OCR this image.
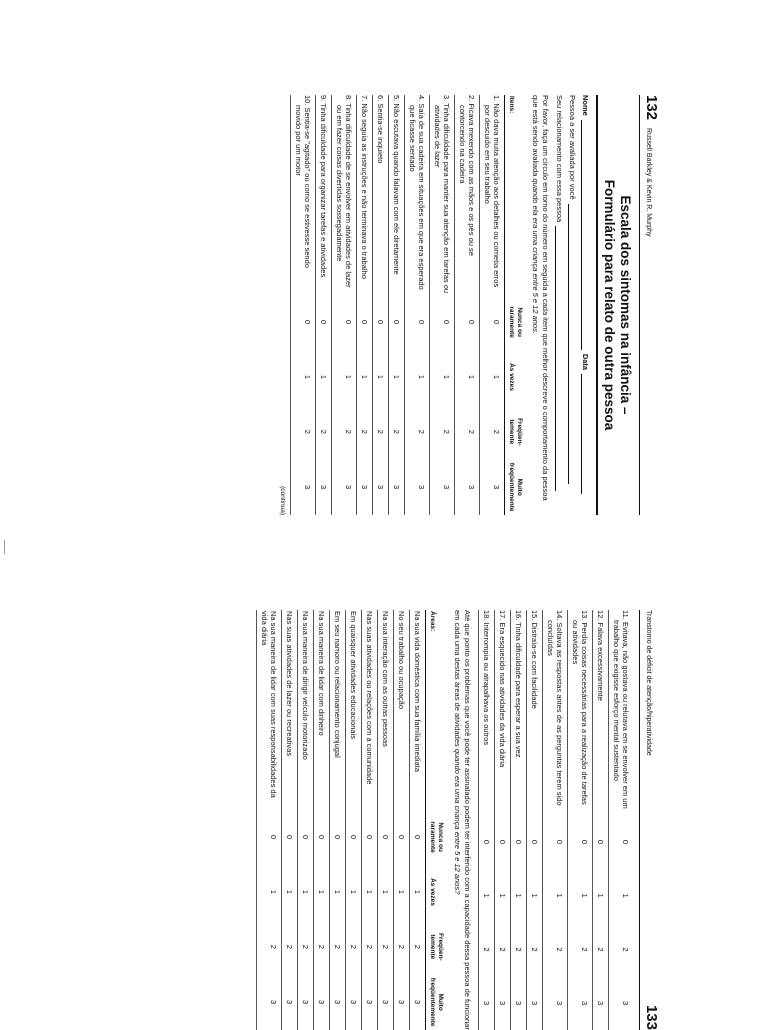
132
Russell Barkley & Kevin R. Murphy
Escala dos sintomas na infância –
Formulário para relato de outra pessoa
Nome
Data
Pessoa a ser avaliada por você
Seu relacionamento com essa pessoa
Por favor, faça um círculo em torno do número em seguida a cada item que melhor descreve o comportamento da pessoa que está sendo avaliada quando ela era uma criança entre 5 e 12 anos.
Itens:	Nunca ou raramente	Às vezes	Freqüen- temente	Muito freqüentemente
1. Não dava muita atenção aos detalhes ou cometia erros por descuido em seu trabalho	0	1	2	3
2. Ficava mexendo com as mãos e os pés ou se contorcendo na cadeira	0	1	2	3
3. Tinha dificuldade para manter sua atenção em tarefas ou atividades de lazer	0	1	2	3
4. Saía de sua cadeira em situações em que era esperado que ficasse sentado	0	1	2	3
5. Não escutava quando falavam com ele diretamente	0	1	2	3
6. Sentia-se inquieto	0	1	2	3
7. Não seguia as instruções e não terminava o trabalho	0	1	2	3
8. Tinha dificuldade de se envolver em atividades de lazer ou em fazer coisas divertidas sossegadamente	0	1	2	3
9. Tinha dificuldade para organizar tarefas e atividades	0	1	2	3
10. Sentia-se "agitado" ou como se estivesse sendo movido por um motor	0	1	2	3
(continua)
Transtorno de déficit de atenção/hiperatividade
133
11. Evitava, não gostava ou relutava em se envolver em um trabalho que exigisse esforço mental sustentado	0	1	2	3
12. Falava excessivamente	0	1	2	3
13. Perdia coisas necessárias para a realização de tarefas ou atividades	0	1	2	3
14. Soltava as respostas antes de as perguntas terem sido concluídas	0	1	2	3
15. Distraía-se com facilidade	0	1	2	3
16. Tinha dificuldade para esperar a sua vez	0	1	2	3
17. Era esquecido nas atividades da vida diária	0	1	2	3
18. Interrompia ou atrapalhava os outros	0	1	2	3
Até que ponto os problemas que você pode ter assinalado podem ter interferido com a capacidade dessa pessoa de funcionar em cada uma destas áreas de atividades quando era uma criança entre 5 e 12 anos?
Áreas:	Nunca ou raramente	Às vezes	Freqüen- temente	Muito freqüentemente
Na sua vida doméstica com sua família imediata	0	1	2	3
No seu trabalho ou ocupação	0	1	2	3
Na sua interação com as outras pessoas	0	1	2	3
Nas suas atividades ou relações com a comunidade	0	1	2	3
Em quaisquer atividades educacionais	0	1	2	3
Em seu namoro ou relacionamento conjugal	0	1	2	3
Na sua maneira de lidar com dinheiro	0	1	2	3
Na sua maneira de dirigir veículo motorizado	0	1	2	3
Nas suas atividades de lazer ou recreativas	0	1	2	3
Na sua maneira de lidar com suas responsabilidades da vida diária	0	1	2	3
